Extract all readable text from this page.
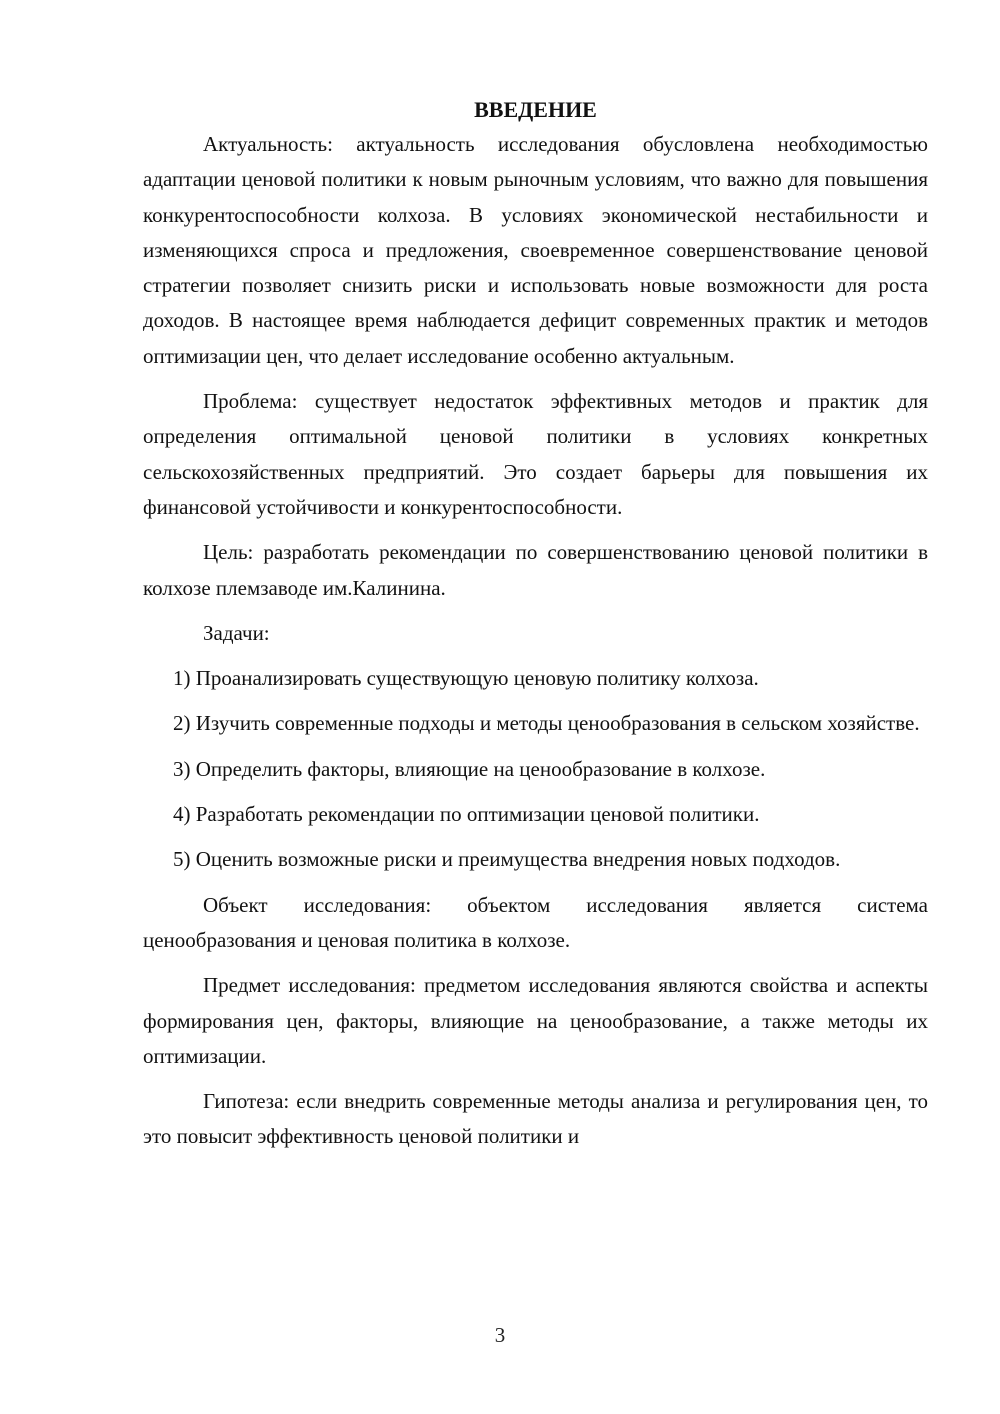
ВВЕДЕНИЕ

Актуальность: актуальность исследования обусловлена необходимостью адаптации ценовой политики к новым рыночным условиям, что важно для повышения конкурентоспособности колхоза. В условиях экономической нестабильности и изменяющихся спроса и предложения, своевременное совершенствование ценовой стратегии позволяет снизить риски и использовать новые возможности для роста доходов. В настоящее время наблюдается дефицит современных практик и методов оптимизации цен, что делает исследование особенно актуальным.

Проблема: существует недостаток эффективных методов и практик для определения оптимальной ценовой политики в условиях конкретных сельскохозяйственных предприятий. Это создает барьеры для повышения их финансовой устойчивости и конкурентоспособности.

Цель: разработать рекомендации по совершенствованию ценовой политики в колхозе племзаводе им.Калинина.

Задачи:

1) Проанализировать существующую ценовую политику колхоза.

2) Изучить современные подходы и методы ценообразования в сельском хозяйстве.

3) Определить факторы, влияющие на ценообразование в колхозе.

4) Разработать рекомендации по оптимизации ценовой политики.

5) Оценить возможные риски и преимущества внедрения новых подходов.

Объект исследования: объектом исследования является система ценообразования и ценовая политика в колхозе.

Предмет исследования: предметом исследования являются свойства и аспекты формирования цен, факторы, влияющие на ценообразование, а также методы их оптимизации.

Гипотеза: если внедрить современные методы анализа и регулирования цен, то это повысит эффективность ценовой политики и

3
